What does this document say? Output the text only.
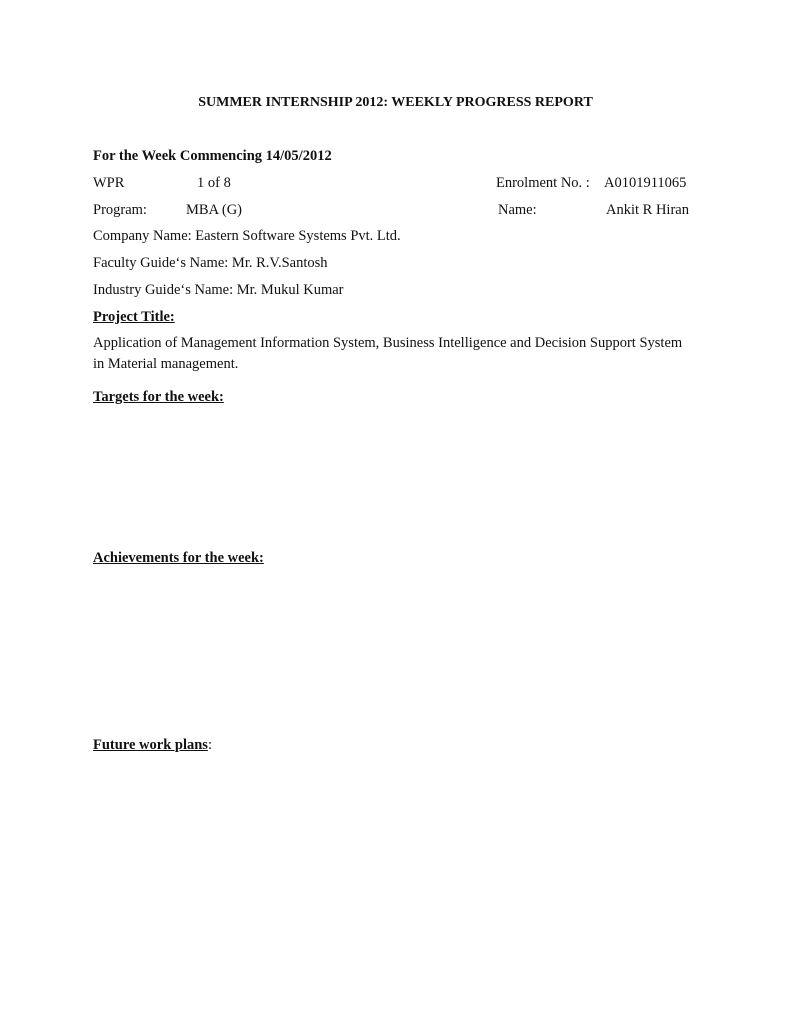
SUMMER INTERNSHIP 2012: WEEKLY PROGRESS REPORT
For the Week Commencing 14/05/2012
WPR	1 of 8	Enrolment No. : A0101911065
Program:	MBA (G)	Name:	Ankit R Hiran
Company Name: Eastern Software Systems Pvt. Ltd.
Faculty Guide‘s Name: Mr. R.V.Santosh
Industry Guide‘s Name: Mr. Mukul Kumar
Project Title:
Application of Management Information System, Business Intelligence and Decision Support System in Material management.
Targets for the week:
Achievements for the week:
Future work plans:
